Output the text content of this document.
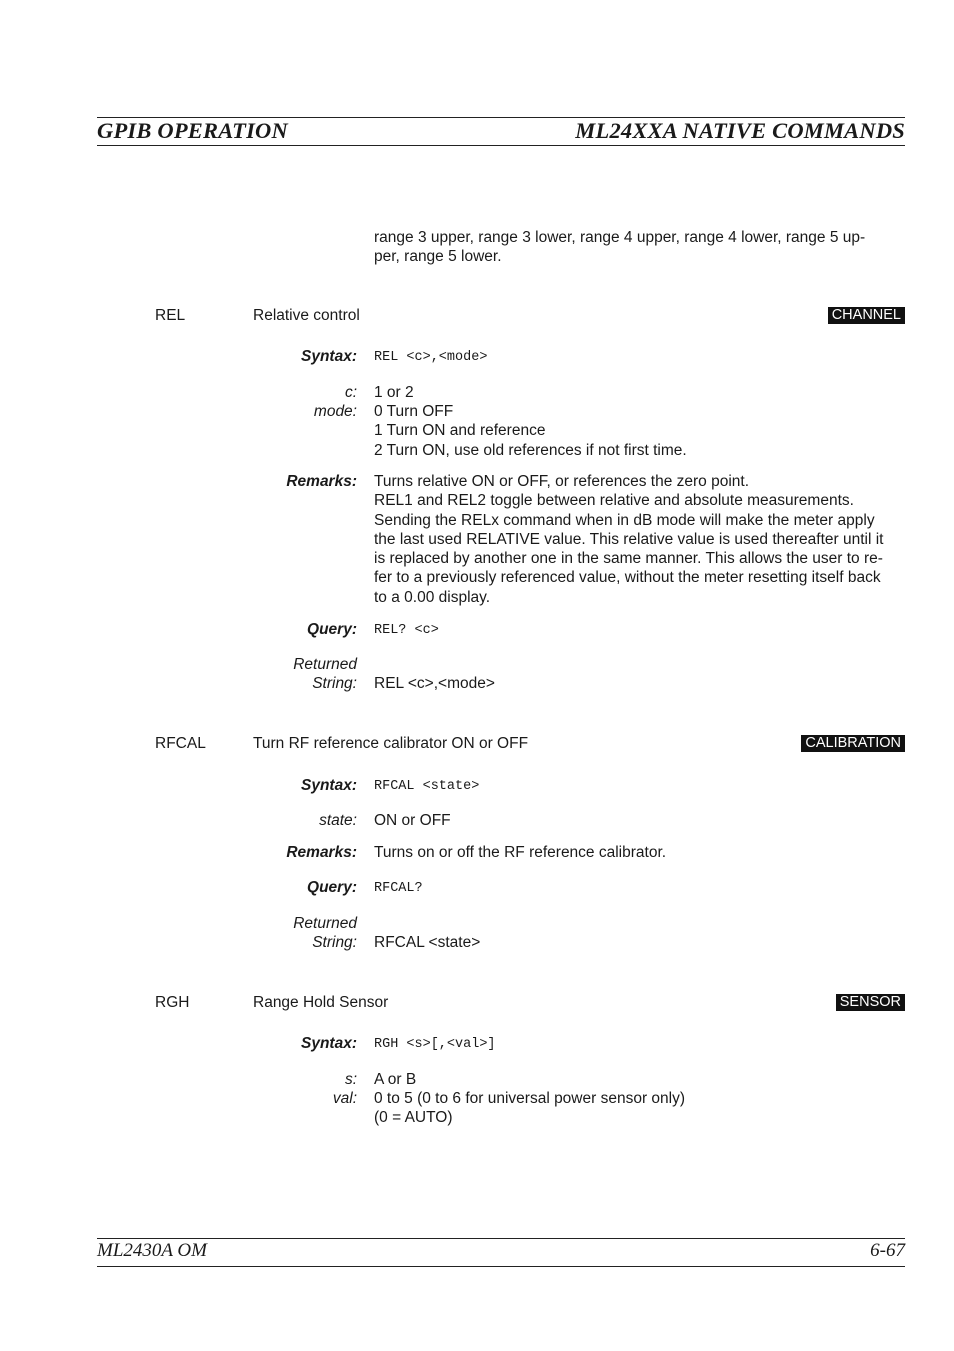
GPIB OPERATION	ML24XXA NATIVE COMMANDS
range 3 upper, range 3 lower, range 4 upper, range 4 lower, range 5 up-
per, range 5 lower.
REL	Relative control	CHANNEL
Syntax: REL <c>,<mode>
c: 1 or 2
mode: 0 Turn OFF
1 Turn ON and reference
2 Turn ON, use old references if not first time.
Remarks: Turns relative ON or OFF, or references the zero point.
REL1 and REL2 toggle between relative and absolute measurements.
Sending the RELx command when in dB mode will make the meter apply
the last used RELATIVE value. This relative value is used thereafter until it
is replaced by another one in the same manner. This allows the user to re-
fer to a previously referenced value, without the meter resetting itself back
to a 0.00 display.
Query: REL? <c>
Returned
String: REL <c>,<mode>
RFCAL	Turn RF reference calibrator ON or OFF	CALIBRATION
Syntax: RFCAL <state>
state: ON or OFF
Remarks: Turns on or off the RF reference calibrator.
Query: RFCAL?
Returned
String: RFCAL <state>
RGH	Range Hold Sensor	SENSOR
Syntax: RGH <s>[,<val>]
s: A or B
val: 0 to 5 (0 to 6 for universal power sensor only)
(0 = AUTO)
ML2430A OM	6-67
